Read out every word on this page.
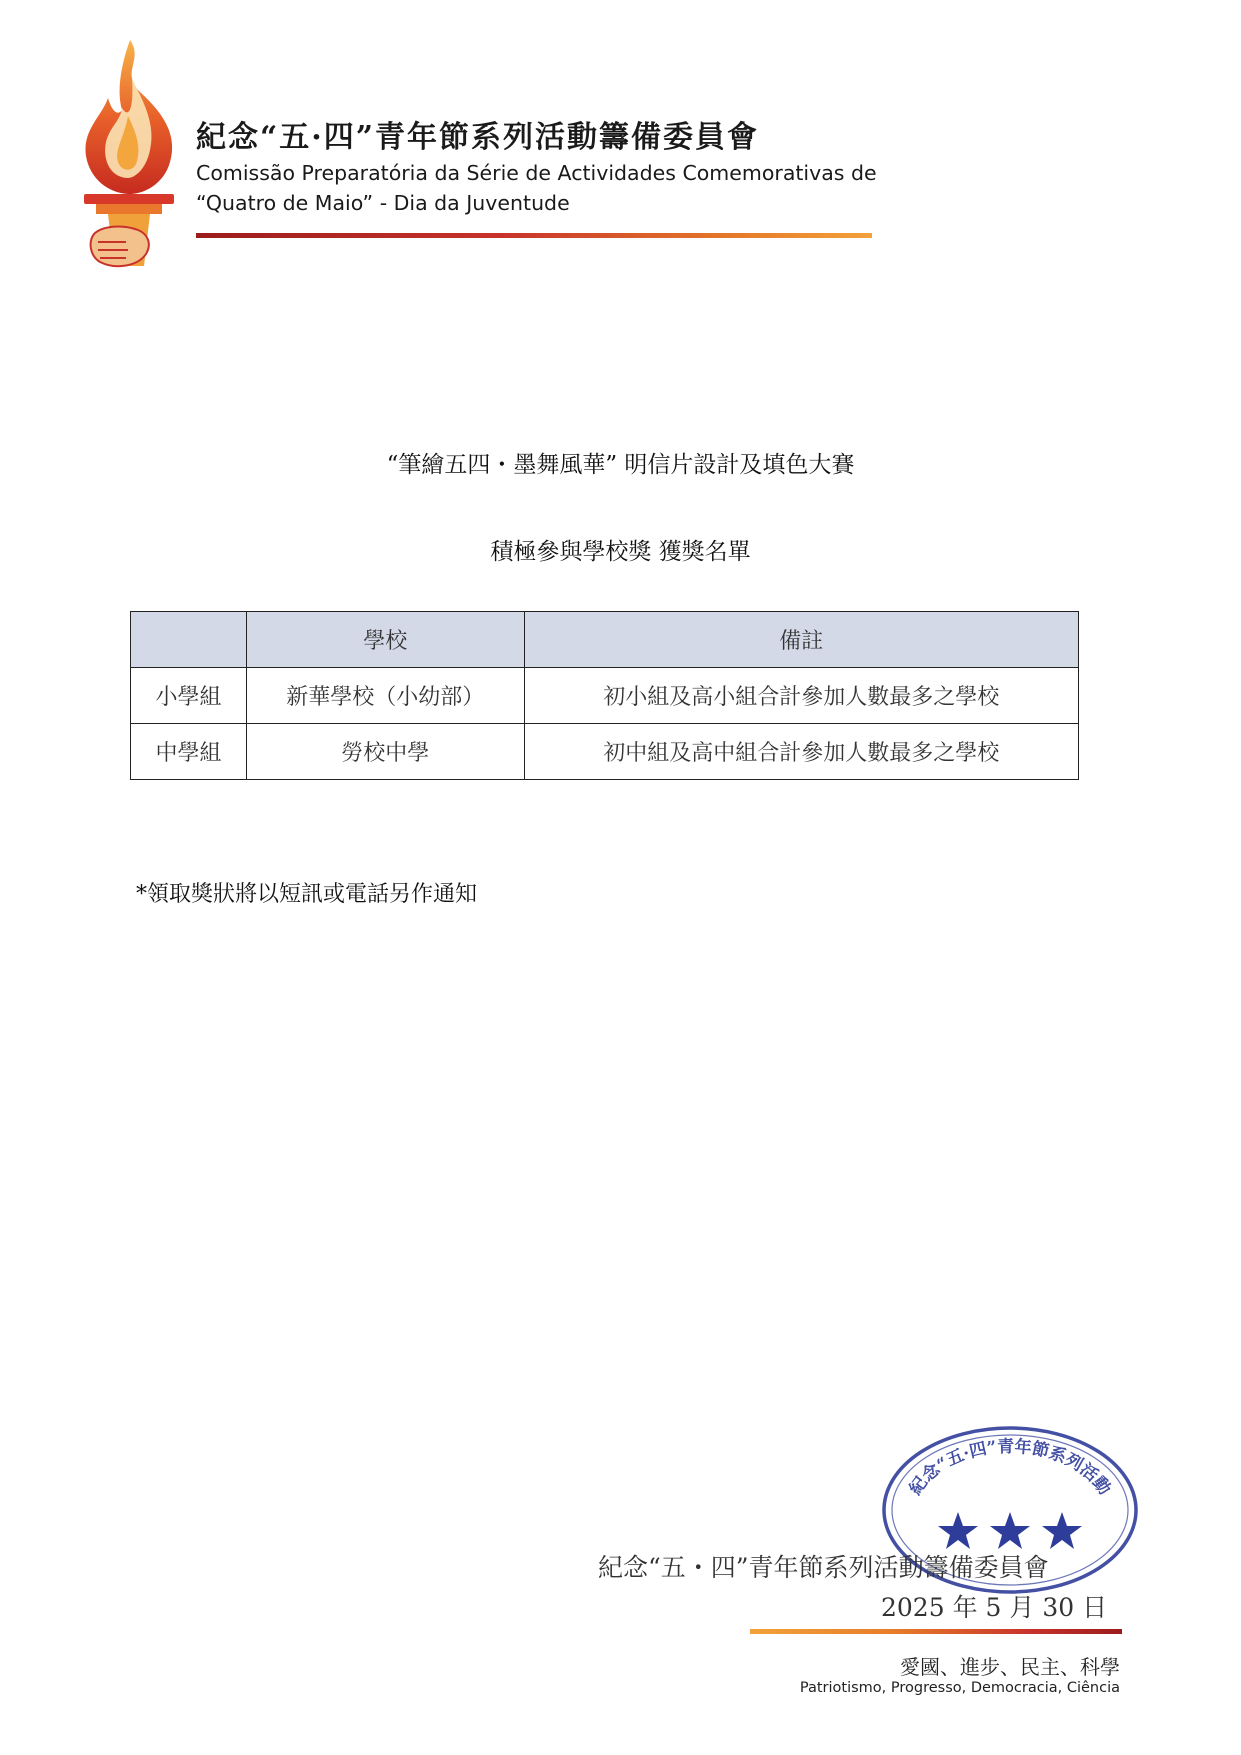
紀念“五·四”青年節系列活動籌備委員會
Comissão Preparatória da Série de Actividades Comemorativas de
“Quatro de Maio” - Dia da Juventude
“筆繪五四・墨舞風華” 明信片設計及填色大賽
積極參與學校獎 獲獎名單
	學校	備註
小學組	新華學校（小幼部）	初小組及高小組合計參加人數最多之學校
中學組	勞校中學	初中組及高中組合計參加人數最多之學校
*領取獎狀將以短訊或電話另作通知
紀念“五·四”青年節系列活動
紀念“五・四”青年節系列活動籌備委員會
2025 年 5 月 30 日
愛國、進步、民主、科學
Patriotismo, Progresso, Democracia, Ciência
